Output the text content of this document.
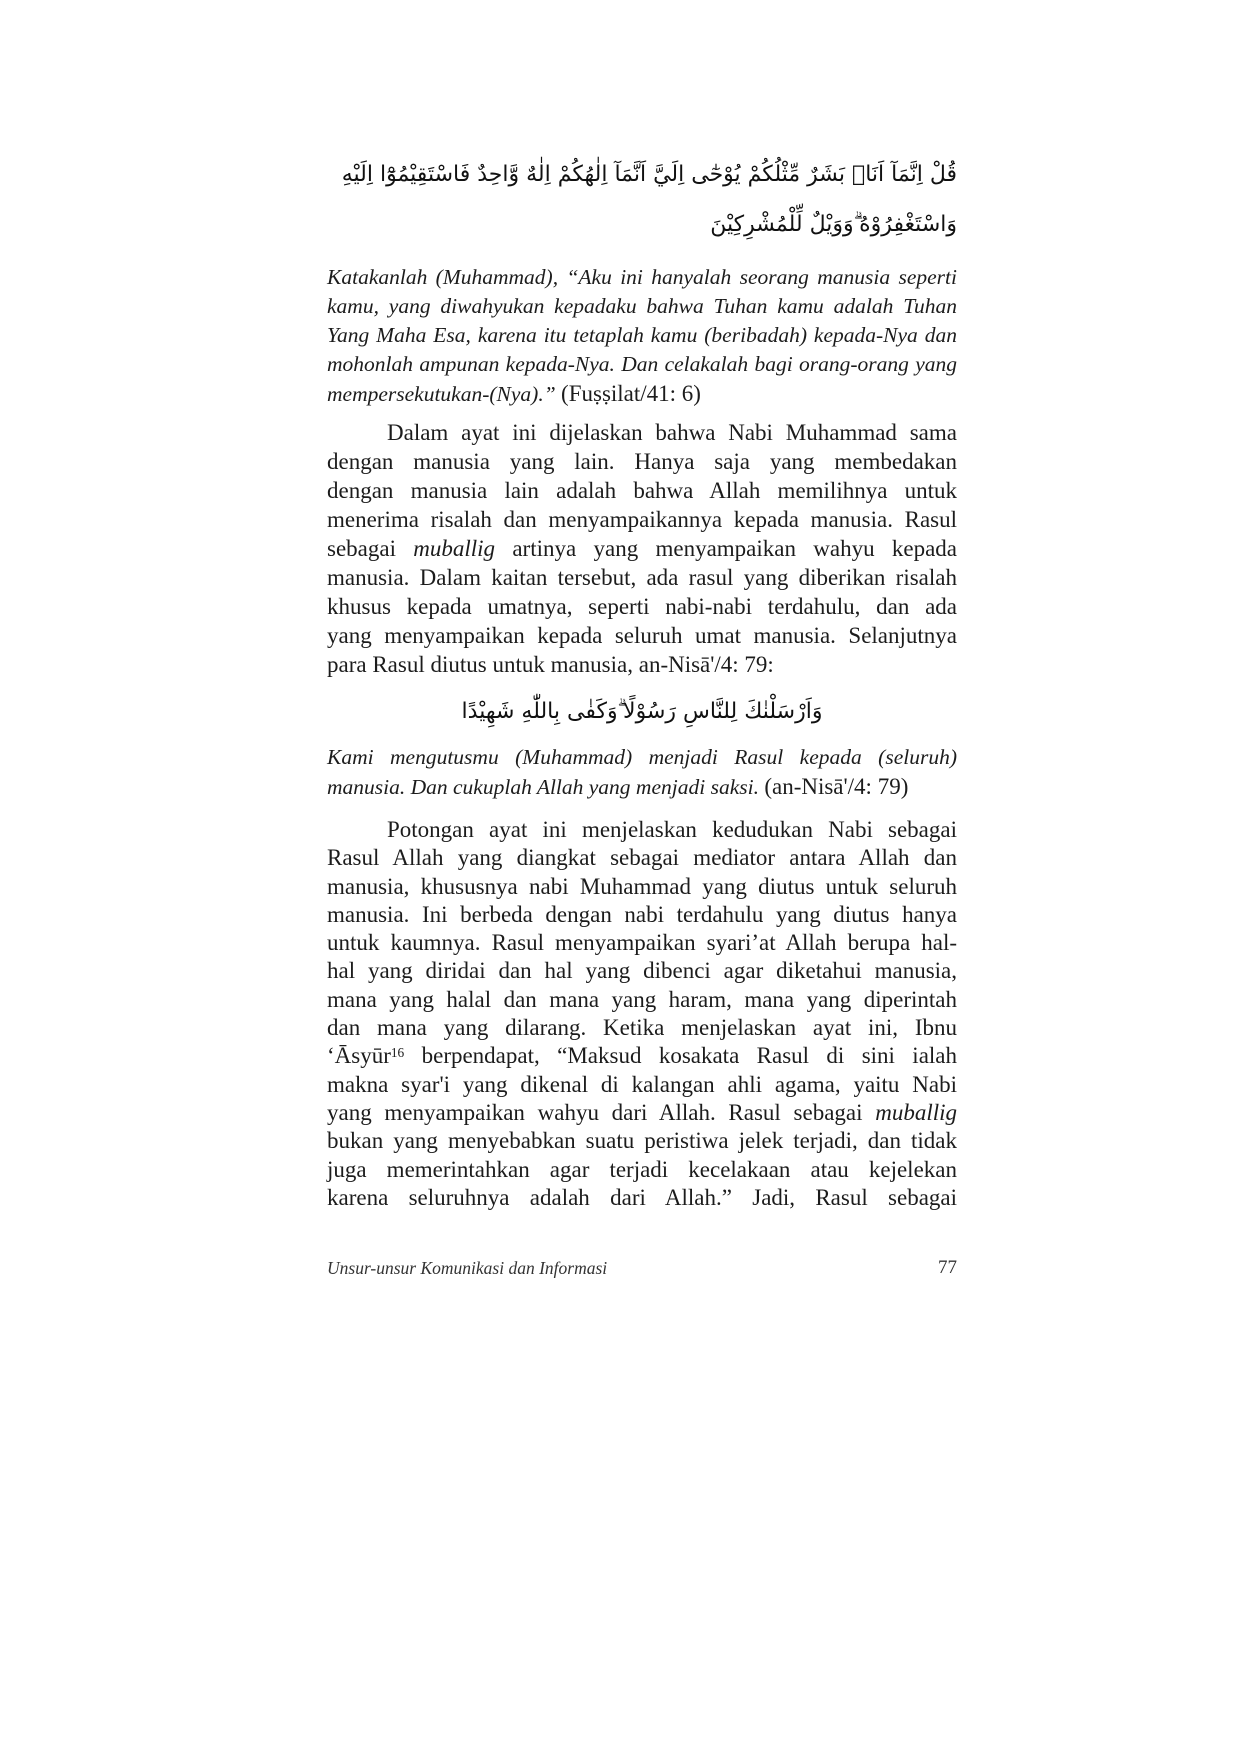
قُلْ اِنَّمَآ اَنَا۠ بَشَرٌ مِّثْلُكُمْ يُوْحٰٓى اِلَيَّ اَنَّمَآ اِلٰهُكُمْ اِلٰهٌ وَّاحِدٌ فَاسْتَقِيْمُوْٓا اِلَيْهِ
وَاسْتَغْفِرُوْهُ ۗوَوَيْلٌ لِّلْمُشْرِكِيْنَ
Katakanlah (Muhammad), “Aku ini hanyalah seorang manusia seperti
kamu, yang diwahyukan kepadaku bahwa Tuhan kamu adalah Tuhan
Yang Maha Esa, karena itu tetaplah kamu (beribadah) kepada-Nya dan
mohonlah ampunan kepada-Nya. Dan celakalah bagi orang-orang yang
mempersekutukan-(Nya).” (Fuṣṣilat/41: 6)
Dalam ayat ini dijelaskan bahwa Nabi Muhammad sama
dengan manusia yang lain. Hanya saja yang membedakan
dengan manusia lain adalah bahwa Allah memilihnya untuk
menerima risalah dan menyampaikannya kepada manusia. Rasul
sebagai muballig artinya yang menyampaikan wahyu kepada
manusia. Dalam kaitan tersebut, ada rasul yang diberikan risalah
khusus kepada umatnya, seperti nabi-nabi terdahulu, dan ada
yang menyampaikan kepada seluruh umat manusia. Selanjutnya
para Rasul diutus untuk manusia, an-Nisā'/4: 79:
وَاَرْسَلْنٰكَ لِلنَّاسِ رَسُوْلًا ۗوَكَفٰى بِاللّٰهِ شَهِيْدًا
Kami mengutusmu (Muhammad) menjadi Rasul kepada (seluruh)
manusia. Dan cukuplah Allah yang menjadi saksi. (an-Nisā'/4: 79)
Potongan ayat ini menjelaskan kedudukan Nabi sebagai
Rasul Allah yang diangkat sebagai mediator antara Allah dan
manusia, khususnya nabi Muhammad yang diutus untuk seluruh
manusia. Ini berbeda dengan nabi terdahulu yang diutus hanya
untuk kaumnya. Rasul menyampaikan syari’at Allah berupa hal-
hal yang diridai dan hal yang dibenci agar diketahui manusia,
mana yang halal dan mana yang haram, mana yang diperintah
dan mana yang dilarang. Ketika menjelaskan ayat ini, Ibnu
‘Āsyūr$^{16}$ berpendapat, “Maksud kosakata Rasul di sini ialah
makna syar'i yang dikenal di kalangan ahli agama, yaitu Nabi
yang menyampaikan wahyu dari Allah. Rasul sebagai muballig
bukan yang menyebabkan suatu peristiwa jelek terjadi, dan tidak
juga memerintahkan agar terjadi kecelakaan atau kejelekan
karena seluruhnya adalah dari Allah.” Jadi, Rasul sebagai
Unsur-unsur Komunikasi dan Informasi	77
